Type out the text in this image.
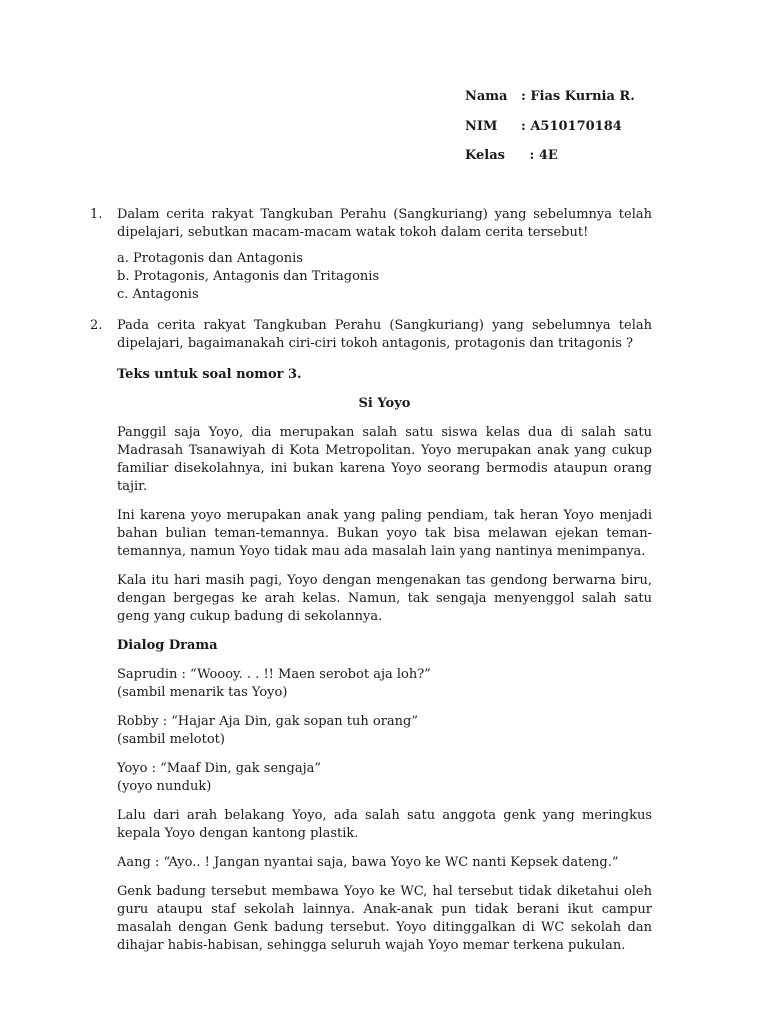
Nama : Fias Kurnia R.
NIM : A510170184
Kelas : 4E
1. Dalam cerita rakyat Tangkuban Perahu (Sangkuriang) yang sebelumnya telah dipelajari, sebutkan macam-macam watak tokoh dalam cerita tersebut!
a. Protagonis dan Antagonis
b. Protagonis, Antagonis dan Tritagonis
c. Antagonis
2. Pada cerita rakyat Tangkuban Perahu (Sangkuriang) yang sebelumnya telah dipelajari, bagaimanakah ciri-ciri tokoh antagonis, protagonis dan tritagonis ?
Teks untuk soal nomor 3.
Si Yoyo
Panggil saja Yoyo, dia merupakan salah satu siswa kelas dua di salah satu Madrasah Tsanawiyah di Kota Metropolitan. Yoyo merupakan anak yang cukup familiar disekolahnya, ini bukan karena Yoyo seorang bermodis ataupun orang tajir.
Ini karena yoyo merupakan anak yang paling pendiam, tak heran Yoyo menjadi bahan bulian teman-temannya. Bukan yoyo tak bisa melawan ejekan teman-temannya, namun Yoyo tidak mau ada masalah lain yang nantinya menimpanya.
Kala itu hari masih pagi, Yoyo dengan mengenakan tas gendong berwarna biru, dengan bergegas ke arah kelas. Namun, tak sengaja menyenggol salah satu geng yang cukup badung di sekolannya.
Dialog Drama
Saprudin : “Woooy. . . !! Maen serobot aja loh?”
(sambil menarik tas Yoyo)
Robby : “Hajar Aja Din, gak sopan tuh orang”
(sambil melotot)
Yoyo : “Maaf Din, gak sengaja”
(yoyo nunduk)
Lalu dari arah belakang Yoyo, ada salah satu anggota genk yang meringkus kepala Yoyo dengan kantong plastik.
Aang : “Ayo.. ! Jangan nyantai saja, bawa Yoyo ke WC nanti Kepsek dateng.”
Genk badung tersebut membawa Yoyo ke WC, hal tersebut tidak diketahui oleh guru ataupu staf sekolah lainnya. Anak-anak pun tidak berani ikut campur masalah dengan Genk badung tersebut. Yoyo ditinggalkan di WC sekolah dan dihajar habis-habisan, sehingga seluruh wajah Yoyo memar terkena pukulan.
